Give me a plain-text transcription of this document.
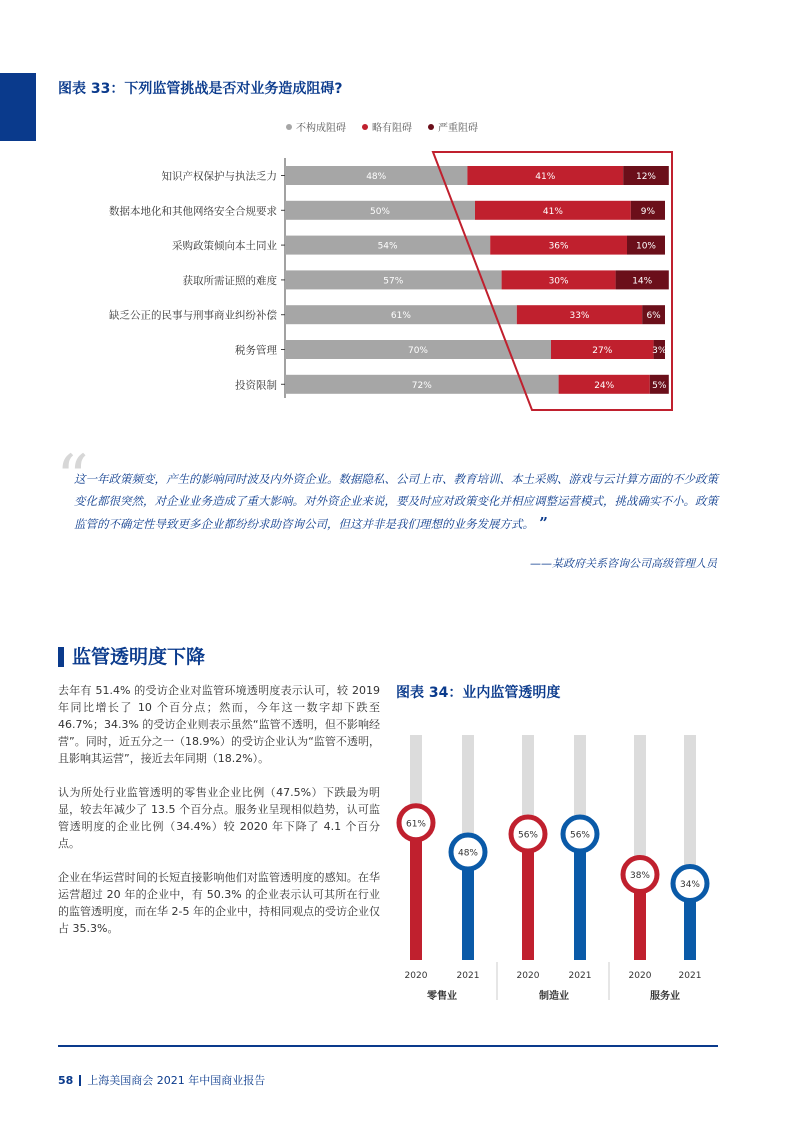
图表 33：下列监管挑战是否对业务造成阻碍?
不构成阻碍	略有阻碍	严重阻碍
知识产权保护与执法乏力	48%	41%	12%
数据本地化和其他网络安全合规要求	50%	41%	9%
采购政策倾向本土同业	54%	36%	10%
获取所需证照的难度	57%	30%	14%
缺乏公正的民事与刑事商业纠纷补偿	61%	33%	6%
税务管理	70%	27%	3%
投资限制	72%	24%	5%
“

这一年政策频变，产生的影响同时波及内外资企业。数据隐私、公司上市、教育培训、本土采购、游戏与云计算方面的不少政策变化都很突然，对企业业务造成了重大影响。对外资企业来说，要及时应对政策变化并相应调整运营模式，挑战确实不小。政策监管的不确定性导致更多企业都纷纷求助咨询公司，但这并非是我们理想的业务发展方式。 ”

——某政府关系咨询公司高级管理人员
监管透明度下降

去年有 51.4% 的受访企业对监管环境透明度表示认可，较 2019 年同比增长了 10 个百分点；然而，今年这一数字却下跌至 46.7%；34.3% 的受访企业则表示虽然“监管不透明，但不影响经营”。同时，近五分之一（18.9%）的受访企业认为“监管不透明，且影响其运营”，接近去年同期（18.2%）。

认为所处行业监管透明的零售业企业比例（47.5%）下跌最为明显，较去年减少了 13.5 个百分点。服务业呈现相似趋势，认可监管透明度的企业比例（34.4%）较 2020 年下降了 4.1 个百分点。

企业在华运营时间的长短直接影响他们对监管透明度的感知。在华运营超过 20 年的企业中，有 50.3% 的企业表示认可其所在行业的监管透明度，而在华 2-5 年的企业中，持相同观点的受访企业仅占 35.3%。

图表 34：业内监管透明度
61%
2020
48%
2021
零售业
56%
2020
56%
2021
制造业
38%
2020
34%
2021
服务业
58 上海美国商会 2021 年中国商业报告
